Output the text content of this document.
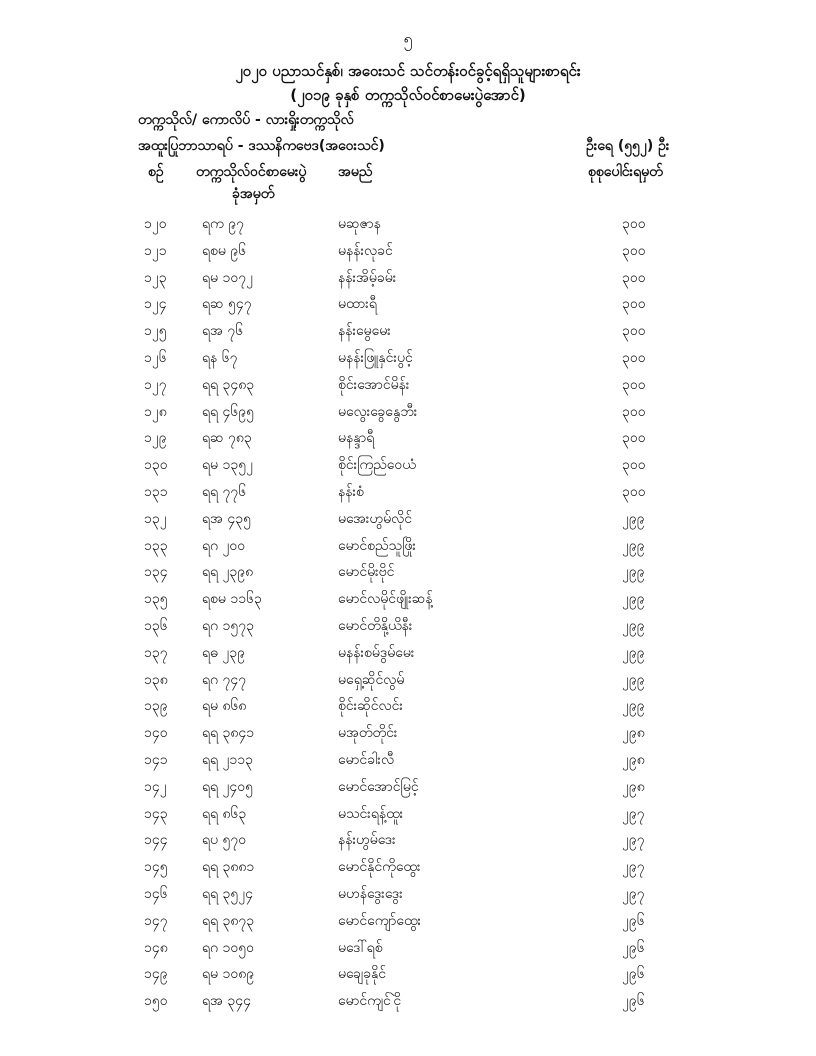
၅
၂၀၂၀ ပညာသင်နှစ်၊ အဝေးသင် သင်တန်းဝင်ခွင့်ရရှိသူများစာရင်း
(၂၀၁၉ ခုနှစ် တက္ကသိုလ်ဝင်စာမေးပွဲအောင်)
တက္ကသိုလ်/ ကောလိပ် - လားရှိုးတက္ကသိုလ်
အထူးပြုဘာသာရပ် - ဒဿနိကဗေဒ(အဝေးသင်)	ဦးရေ (၅၅၂) ဦး
စဉ် တက္ကသိုလ်ဝင်စာမေးပွဲ
ခုံအမှတ်
အမည်	စုစုပေါင်းရမှတ်
၁၂၀	ရက ၉၇	မဆုဇာန	၃၀၀
၁၂၁	ရစမ ၉၆	မနန်းလုခင်	၃၀၀
၁၂၃	ရမ ၁၀၇၂	နန်းအိမ့်ခမ်း	၃၀၀
၁၂၄	ရဆ ၅၄၇	မထားရီ	၃၀၀
၁၂၅	ရအ ၇၆	နန်းမွေမေး	၃၀၀
၁၂၆	ရန ၆၇	မနန်းဖြူနှင်းပွင့်	၃၀၀
၁၂၇	ရရ ၃၄၈၃	စိုင်းအောင်မိန်း	၃၀၀
၁၂၈	ရရ ၄၆၉၅	မလွေးခွေနွေဘီး	၃၀၀
၁၂၉	ရဆ ၇၈၃	မနန္ဒာရီ	၃၀၀
၁၃၀ ရမ ၁၃၅၂	စိုင်းကြည်ဝေယံ	၃၀၀
၁၃၁ ရရ ၇၇၆	နန်းစံ	၃၀၀
၁၃၂	ရအ ၄၃၅	မအေးဟွမ်လိုင်	၂၉၉
၁၃၃ ရဂ ၂၀၀	မောင်စည်သူဖြိုး	၂၉၉
၁၃၄ ရရ ၂၃၉၈	မောင်မိုးဗိုင်	၂၉၉
၁၃၅ ရစမ ၁၁၆၃	မောင်လမိုင်ဖျိုးဆန့်	၂၉၉
၁၃၆ ရဂ ၁၅၇၃	မောင်တိနို့ယိနီး	၂၉၉
၁၃၇ ရဓ ၂၃၉	မနန်းစမ်ဒွမ်မေး	၂၉၉
၁၃၈ ရဂ ၇၄၇	မရှေ့ဆိုင်လွမ်	၂၉၉
၁၃၉ ရမ ၈၆၈	စိုင်းဆိုင်လင်း	၂၉၉
၁၄၀ ရရ ၃၈၄၁	မအုတ်တိုင်း	၂၉၈
၁၄၁ ရရ ၂၁၁၃	မောင်ခါးလီ	၂၉၈
၁၄၂	ရရ ၂၄၀၅	မောင်အောင်မြင့်	၂၉၈
၁၄၃ ရရ ၈၆၃	မသင်းရန့်ထူး	၂၉၇
၁၄၄ ရပ ၅၇၀	နန်းဟွမ်ဒေး	၂၉၇
၁၄၅ ရရ ၃၈၈၁	မောင်နိုင်ကိုထွေး	၂၉၇
၁၄၆ ရရ ၃၅၂၄	မဟန်ဒွေးဒွေး	၂၉၇
၁၄၇ ရရ ၃၈၇၃	မောင်ကျော်ထွေး	၂၉၆
၁၄၈ ရဂ ၁၀၅၀	မဒေါ်ရစ်	၂၉၆
၁၄၉ ရမ ၁၀၈၉	မချေခုနိုင်	၂၉၆
၁၅၀ ရအ ၃၄၄	မောင်ကျင်ငိုဲ	၂၉၆
